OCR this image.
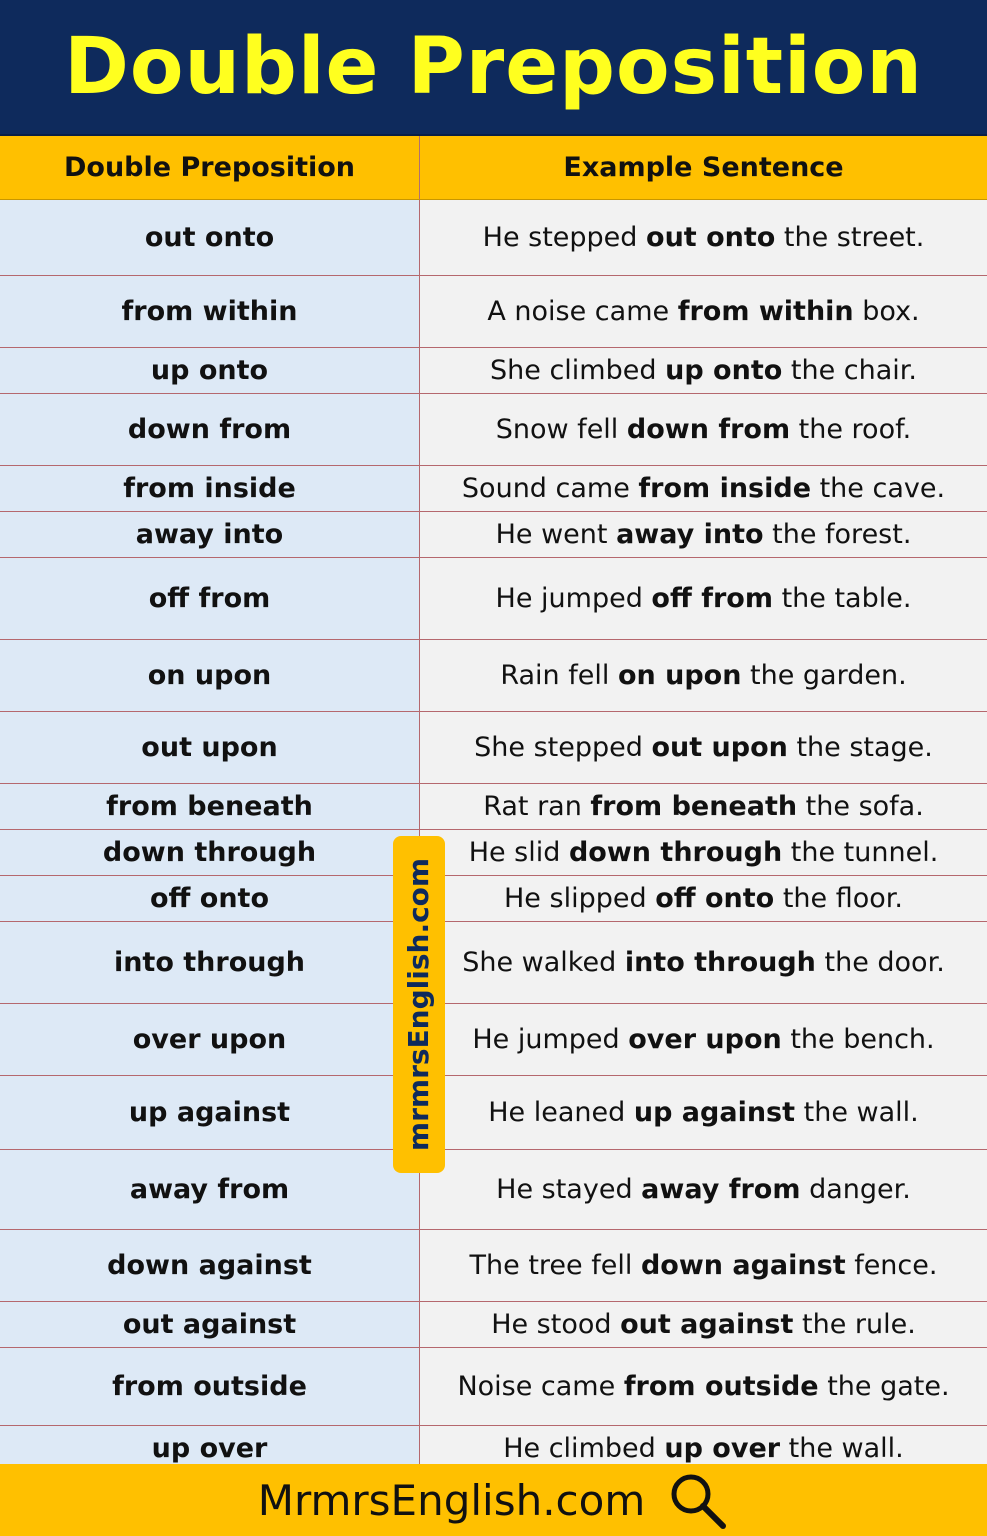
Double Preposition
Double Preposition	Example Sentence
out onto	He stepped out onto the street.
from within	A noise came from within box.
up onto	She climbed up onto the chair.
down from	Snow fell down from the roof.
from inside	Sound came from inside the cave.
away into	He went away into the forest.
off from	He jumped off from the table.
on upon	Rain fell on upon the garden.
out upon	She stepped out upon the stage.
from beneath	Rat ran from beneath the sofa.
down through	He slid down through the tunnel.
off onto	He slipped off onto the floor.
into through	She walked into through the door.
over upon	He jumped over upon the bench.
up against	He leaned up against the wall.
away from	He stayed away from danger.
down against	The tree fell down against fence.
out against	He stood out against the rule.
from outside	Noise came from outside the gate.
up over	He climbed up over the wall.
mrmrsEnglish.com
MrmrsEnglish.com
